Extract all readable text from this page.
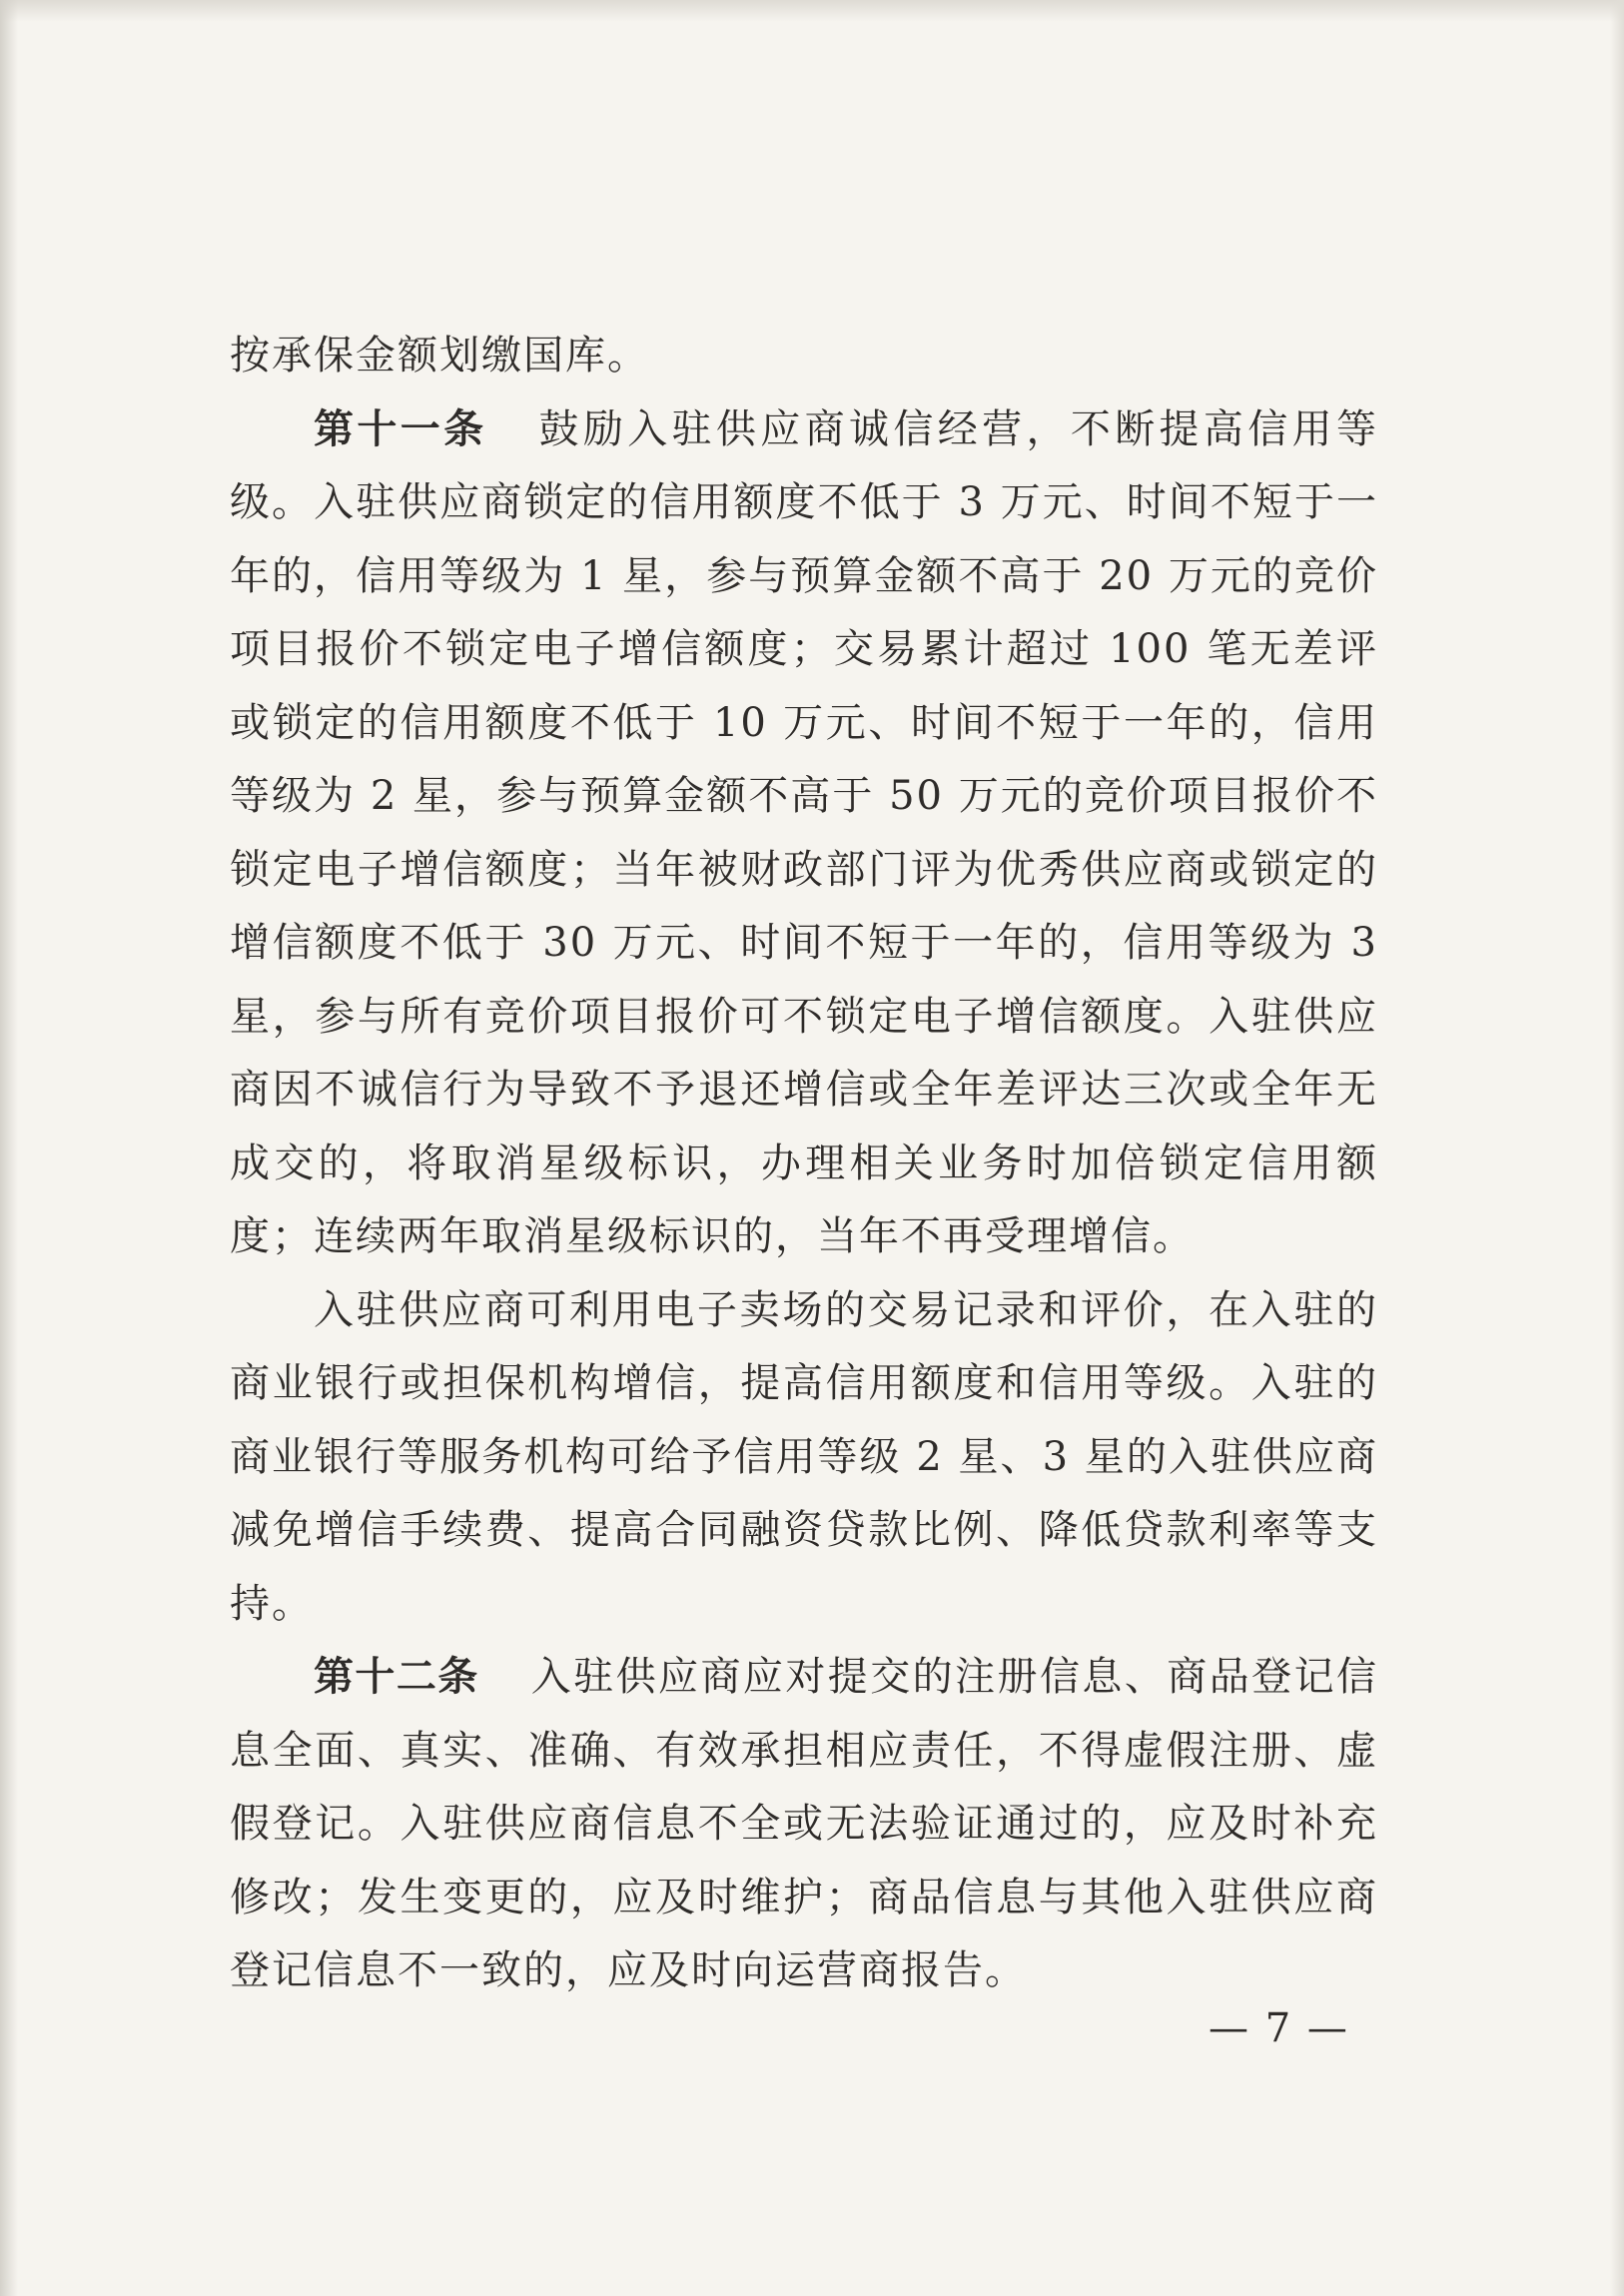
按承保金额划缴国库。

第十一条 鼓励入驻供应商诚信经营，不断提高信用等级。入驻供应商锁定的信用额度不低于 3 万元、时间不短于一年的，信用等级为 1 星，参与预算金额不高于 20 万元的竞价项目报价不锁定电子增信额度；交易累计超过 100 笔无差评或锁定的信用额度不低于 10 万元、时间不短于一年的，信用等级为 2 星，参与预算金额不高于 50 万元的竞价项目报价不锁定电子增信额度；当年被财政部门评为优秀供应商或锁定的增信额度不低于 30 万元、时间不短于一年的，信用等级为 3 星，参与所有竞价项目报价可不锁定电子增信额度。入驻供应商因不诚信行为导致不予退还增信或全年差评达三次或全年无成交的，将取消星级标识，办理相关业务时加倍锁定信用额度；连续两年取消星级标识的，当年不再受理增信。

入驻供应商可利用电子卖场的交易记录和评价，在入驻的商业银行或担保机构增信，提高信用额度和信用等级。入驻的商业银行等服务机构可给予信用等级 2 星、3 星的入驻供应商减免增信手续费、提高合同融资贷款比例、降低贷款利率等支持。

第十二条 入驻供应商应对提交的注册信息、商品登记信息全面、真实、准确、有效承担相应责任，不得虚假注册、虚假登记。入驻供应商信息不全或无法验证通过的，应及时补充修改；发生变更的，应及时维护；商品信息与其他入驻供应商登记信息不一致的，应及时向运营商报告。

— 7 —
